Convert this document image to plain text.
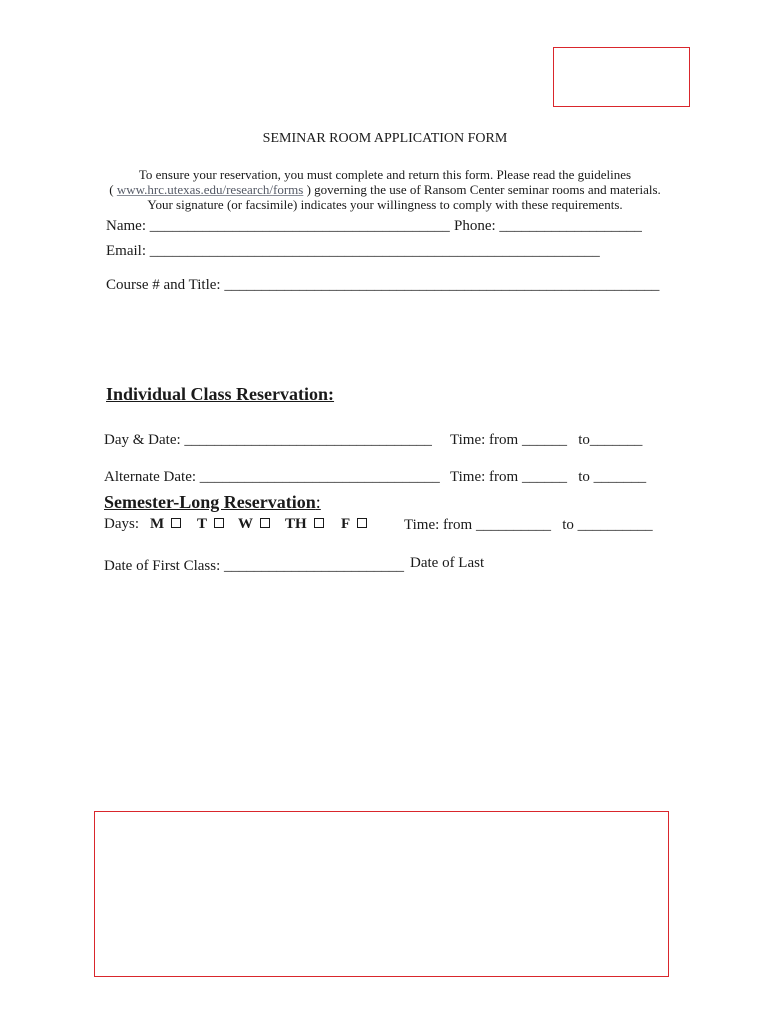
SEMINAR ROOM APPLICATION FORM
To ensure your reservation, you must complete and return this form. Please read the guidelines
( www.hrc.utexas.edu/research/forms ) governing the use of Ransom Center seminar rooms and materials.
Your signature (or facsimile) indicates your willingness to comply with these requirements.
Name: ________________________________________ Phone: ___________________
Email: ____________________________________________________________
Course # and Title: __________________________________________________________
Individual Class Reservation:
Day & Date: _________________________________ Time: from ______ to_______
Alternate Date: ________________________________ Time: from ______ to _______
Semester-Long Reservation:
Days: M	T	W	TH	F	Time: from __________ to __________
Date of First Class: ________________________ Date of Last
